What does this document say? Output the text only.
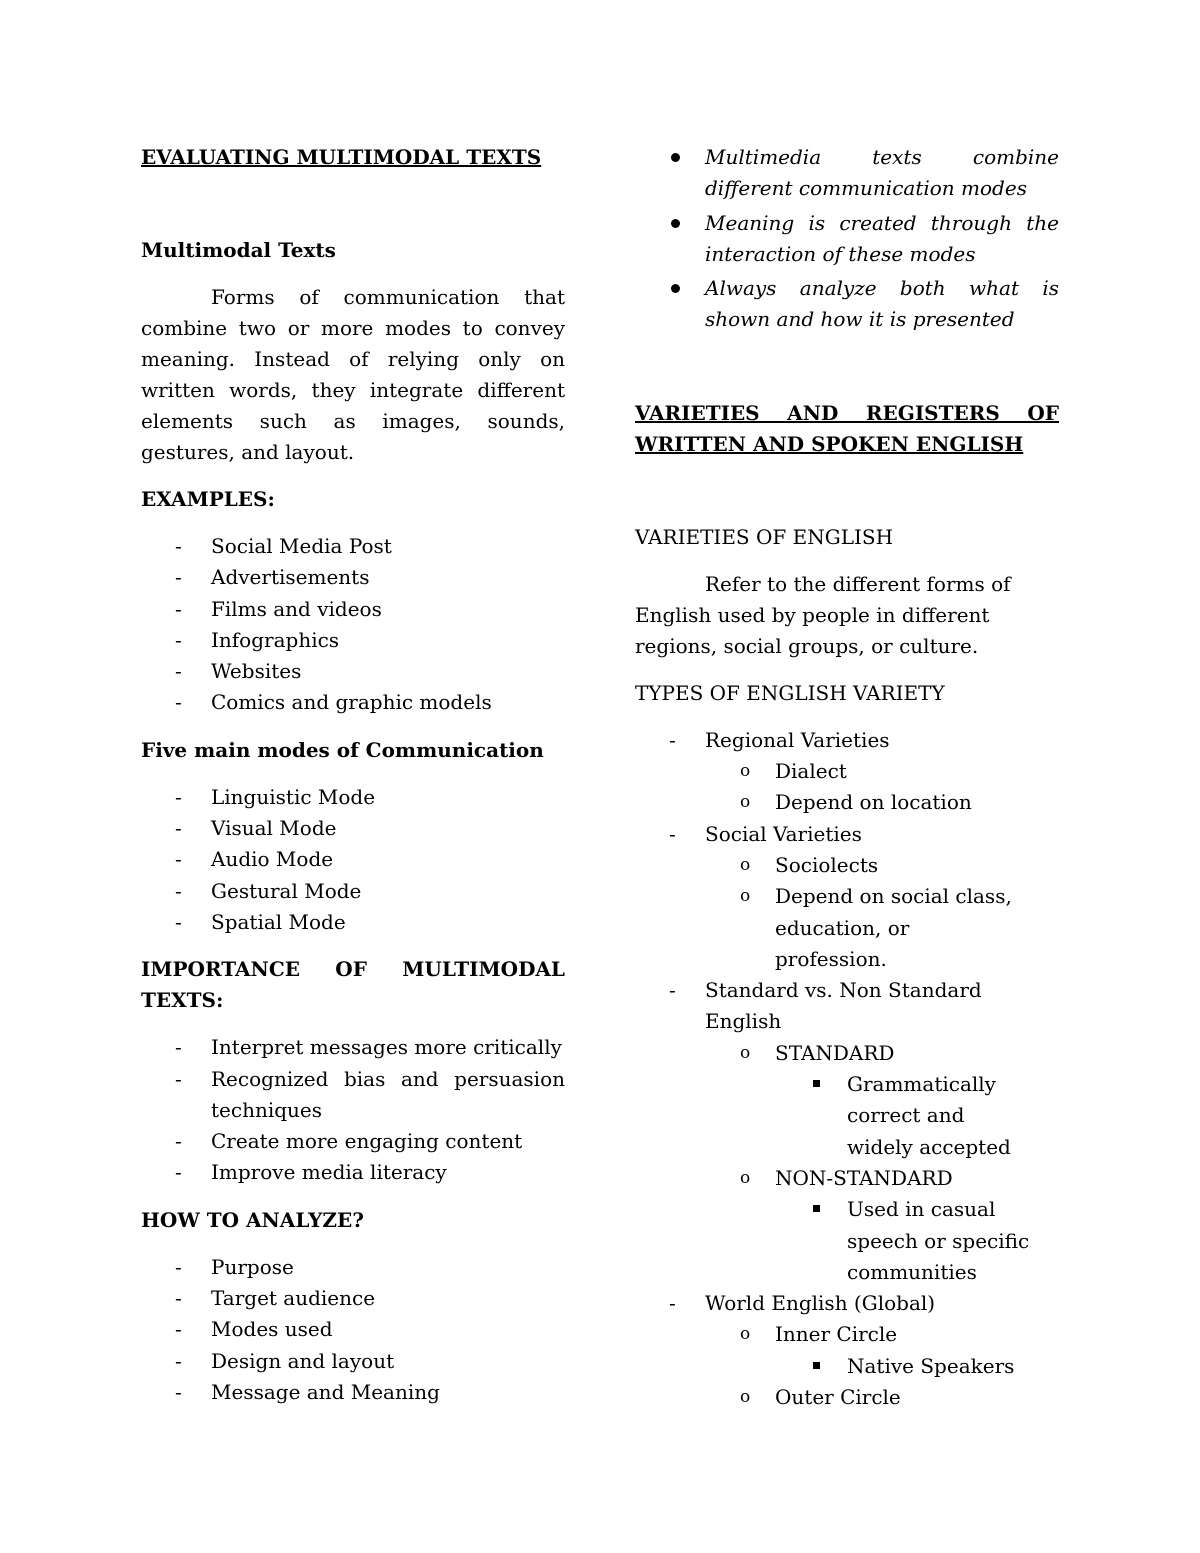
EVALUATING MULTIMODAL TEXTS

Multimodal Texts

Forms of communication that combine two or more modes to convey meaning. Instead of relying only on written words, they integrate different elements such as images, sounds, gestures, and layout.

EXAMPLES:

- Social Media Post
- Advertisements
- Films and videos
- Infographics
- Websites
- Comics and graphic models

Five main modes of Communication

- Linguistic Mode
- Visual Mode
- Audio Mode
- Gestural Mode
- Spatial Mode

IMPORTANCE OF MULTIMODAL TEXTS:

- Interpret messages more critically
- Recognized bias and persuasion techniques
- Create more engaging content
- Improve media literacy

HOW TO ANALYZE?

- Purpose
- Target audience
- Modes used
- Design and layout
- Message and Meaning
Multimedia texts combine different communication modes
Meaning is created through the interaction of these modes
Always analyze both what is shown and how it is presented

VARIETIES AND REGISTERS OF WRITTEN AND SPOKEN ENGLISH

VARIETIES OF ENGLISH

Refer to the different forms of

English used by people in different regions, social groups, or culture.

TYPES OF ENGLISH VARIETY

- Regional Varieties
o Dialect
o Depend on location
- Social Varieties
o Sociolects
o Depend on social class, education, or profession.
- Standard vs. Non Standard English
o STANDARD
Grammatically correct and widely accepted
o NON-STANDARD
Used in casual speech or specific communities
- World English (Global)
o Inner Circle
Native Speakers
o Outer Circle
